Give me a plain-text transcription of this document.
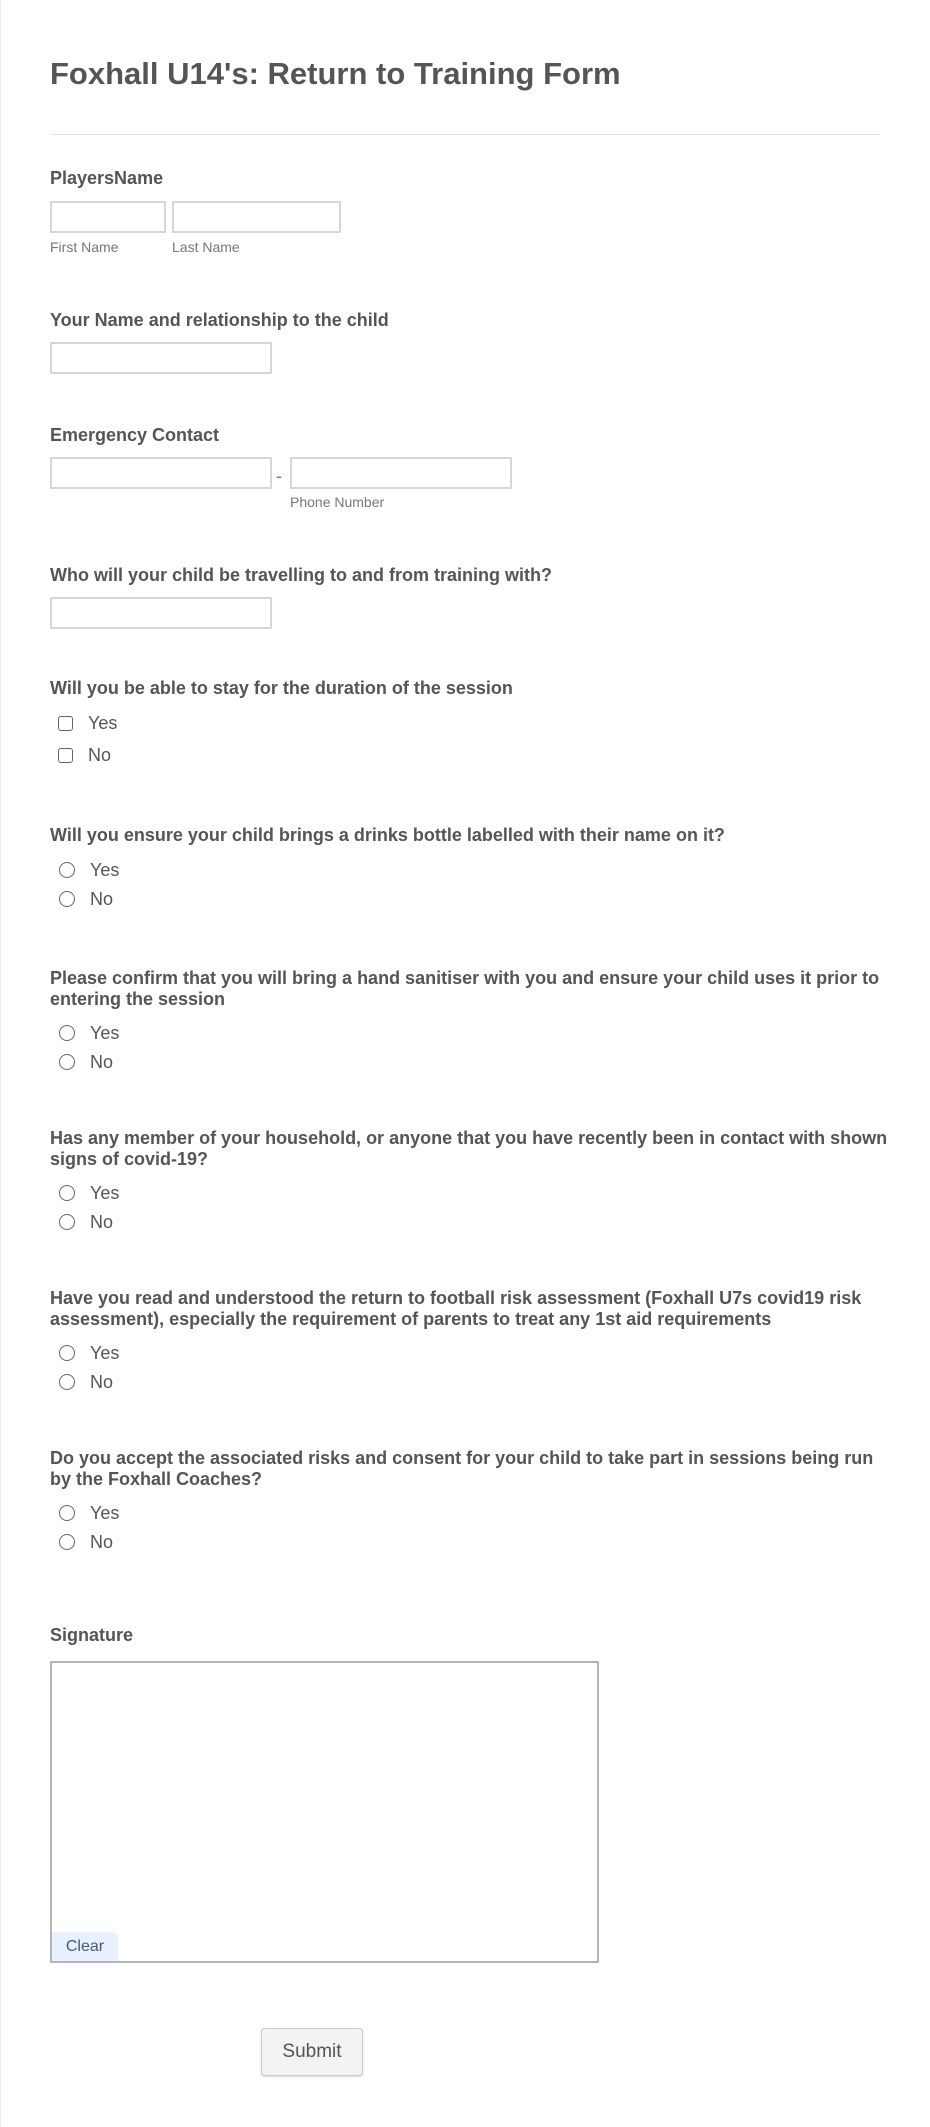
Foxhall U14's: Return to Training Form
PlayersName
First Name	Last Name
Your Name and relationship to the child
Emergency Contact
-
Phone Number
Who will your child be travelling to and from training with?
Will you be able to stay for the duration of the session
Yes
No
Will you ensure your child brings a drinks bottle labelled with their name on it?
Yes
No
Please confirm that you will bring a hand sanitiser with you and ensure your child uses it prior to entering the session
Yes
No
Has any member of your household, or anyone that you have recently been in contact with shown signs of covid-19?
Yes
No
Have you read and understood the return to football risk assessment (Foxhall U7s covid19 risk assessment), especially the requirement of parents to treat any 1st aid requirements
Yes
No
Do you accept the associated risks and consent for your child to take part in sessions being run by the Foxhall Coaches?
Yes
No
Signature
Clear
Submit
